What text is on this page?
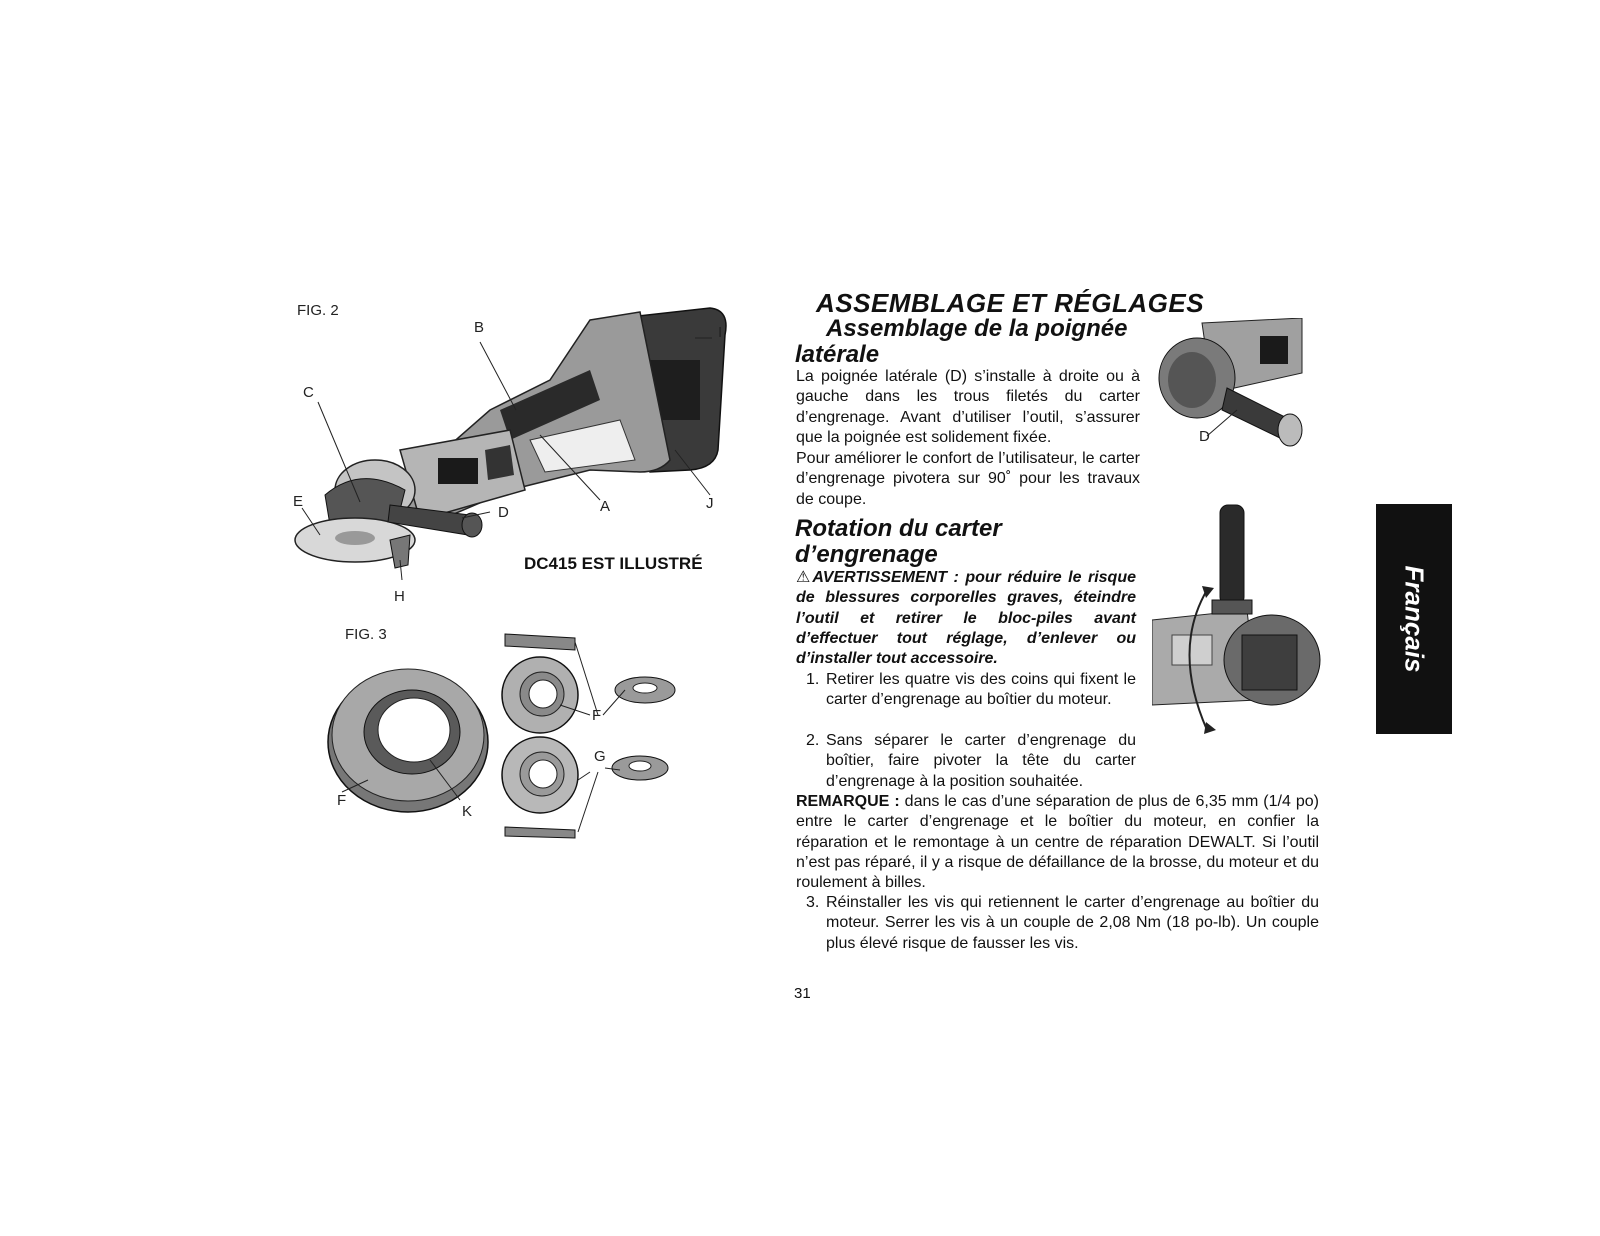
FIG. 2
B	I
C
E	A	J
D
H
DC415 EST ILLUSTRÉ
FIG. 3
F
G
F
K
ASSEMBLAGE ET RÉGLAGES
Assemblage de la poignée
latérale
La poignée latérale (D) s’installe à droite ou à gauche dans les trous filetés du carter d’engrenage. Avant d’utiliser l’outil, s’assurer que la poignée est solidement fixée.
Pour améliorer le confort de l’utilisateur, le carter d’engrenage pivotera sur 90˚ pour les travaux de coupe.
D
Rotation du carter
d’engrenage
⚠AVERTISSEMENT : pour réduire le risque de blessures corporelles graves, éteindre l’outil et retirer le bloc-piles avant d’effectuer tout réglage, d’enlever ou d’installer tout accessoire.
1. Retirer les quatre vis des coins qui fixent le carter d’engrenage au boîtier du moteur.
2. Sans séparer le carter d’engrenage du boîtier, faire pivoter la tête du carter d’engrenage à la position souhaitée.
REMARQUE : dans le cas d’une séparation de plus de 6,35 mm (1/4 po) entre le carter d’engrenage et le boîtier du moteur, en confier la réparation et le remontage à un centre de réparation DEWALT. Si l’outil n’est pas réparé, il y a risque de défaillance de la brosse, du moteur et du roulement à billes.
3. Réinstaller les vis qui retiennent le carter d’engrenage au boîtier du moteur. Serrer les vis à un couple de 2,08 Nm (18 po-lb). Un couple plus élevé risque de fausser les vis.
Français
31
